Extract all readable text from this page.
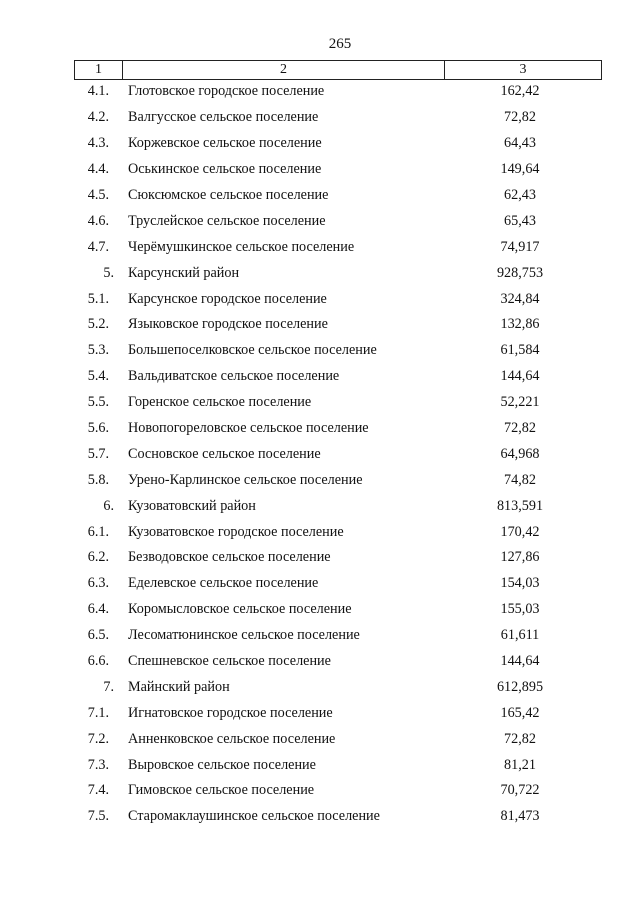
265
1	2	3
4.1.	Глотовское городское поселение	162,42
4.2.	Валгусское сельское поселение	72,82
4.3.	Коржевское сельское поселение	64,43
4.4.	Оськинское сельское поселение	149,64
4.5.	Сюксюмское сельское поселение	62,43
4.6.	Труслейское сельское поселение	65,43
4.7.	Черёмушкинское сельское поселение	74,917
5. Карсунский район	928,753
5.1.	Карсунское городское поселение	324,84
5.2.	Языковское городское поселение	132,86
5.3.	Большепоселковское сельское поселение	61,584
5.4.	Вальдиватское сельское поселение	144,64
5.5.	Горенское сельское поселение	52,221
5.6.	Новопогореловское сельское поселение	72,82
5.7.	Сосновское сельское поселение	64,968
5.8.	Урено-Карлинское сельское поселение	74,82
6. Кузоватовский район	813,591
6.1.	Кузоватовское городское поселение	170,42
6.2.	Безводовское сельское поселение	127,86
6.3.	Еделевское сельское поселение	154,03
6.4.	Коромысловское сельское поселение	155,03
6.5.	Лесоматюнинское сельское поселение	61,611
6.6.	Спешневское сельское поселение	144,64
7. Майнский район	612,895
7.1.	Игнатовское городское поселение	165,42
7.2.	Анненковское сельское поселение	72,82
7.3.	Выровское сельское поселение	81,21
7.4.	Гимовское сельское поселение	70,722
7.5.	Старомаклаушинское сельское поселение	81,473
